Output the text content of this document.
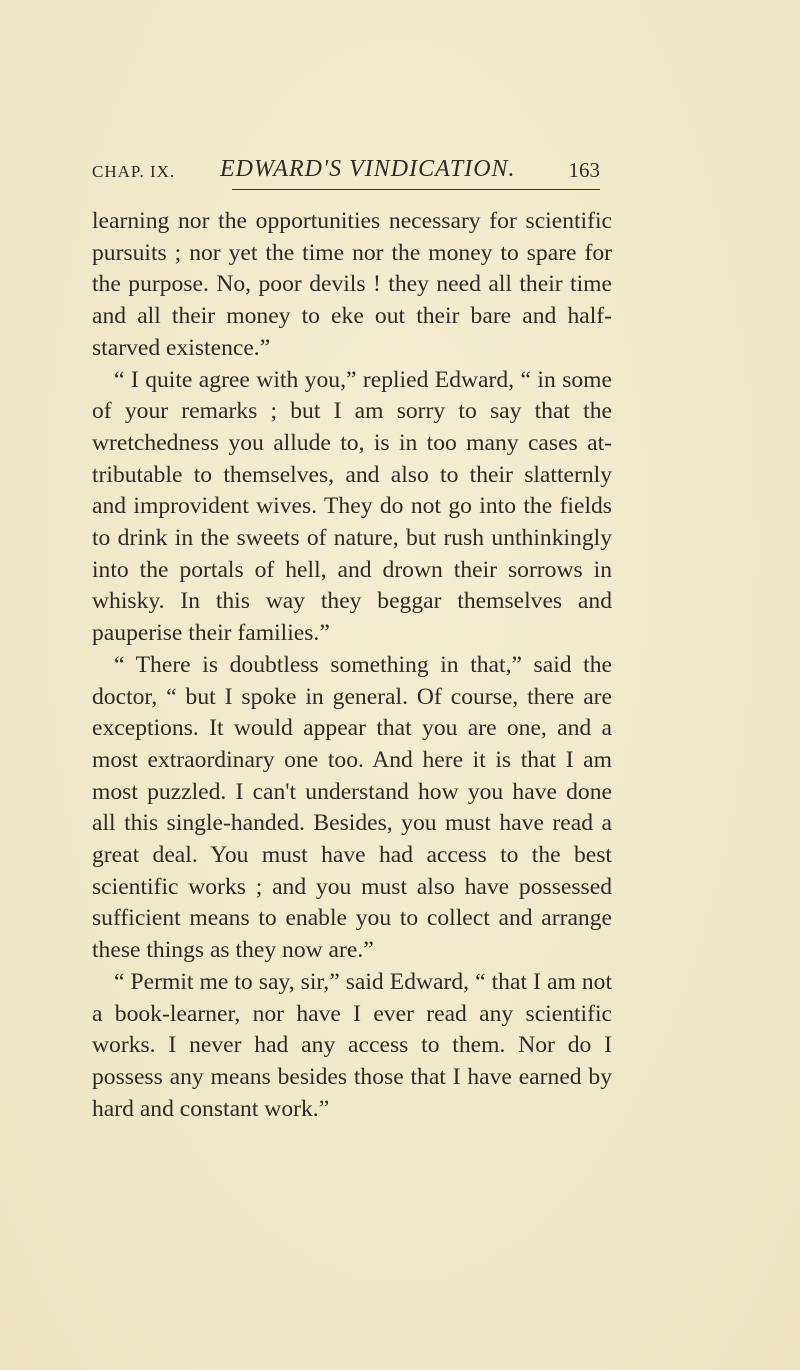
CHAP. IX. EDWARD'S VINDICATION.	163

learning nor the opportunities necessary for scientific pursuits ; nor yet the time nor the money to spare for the purpose. No, poor devils ! they need all their time and all their money to eke out their bare and half-starved existence.”

“ I quite agree with you,” replied Edward, “ in some of your remarks ; but I am sorry to say that the wretchedness you allude to, is in too many cases attributable to themselves, and also to their slatternly and improvident wives. They do not go into the fields to drink in the sweets of nature, but rush unthinkingly into the portals of hell, and drown their sorrows in whisky. In this way they beggar themselves and pauperise their families.”

“ There is doubtless something in that,” said the doctor, “ but I spoke in general. Of course, there are exceptions. It would appear that you are one, and a most extraordinary one too. And here it is that I am most puzzled. I can't understand how you have done all this single-handed. Besides, you must have read a great deal. You must have had access to the best scientific works ; and you must also have possessed sufficient means to enable you to collect and arrange these things as they now are.”

“ Permit me to say, sir,” said Edward, “ that I am not a book-learner, nor have I ever read any scientific works. I never had any access to them. Nor do I possess any means besides those that I have earned by hard and constant work.”
